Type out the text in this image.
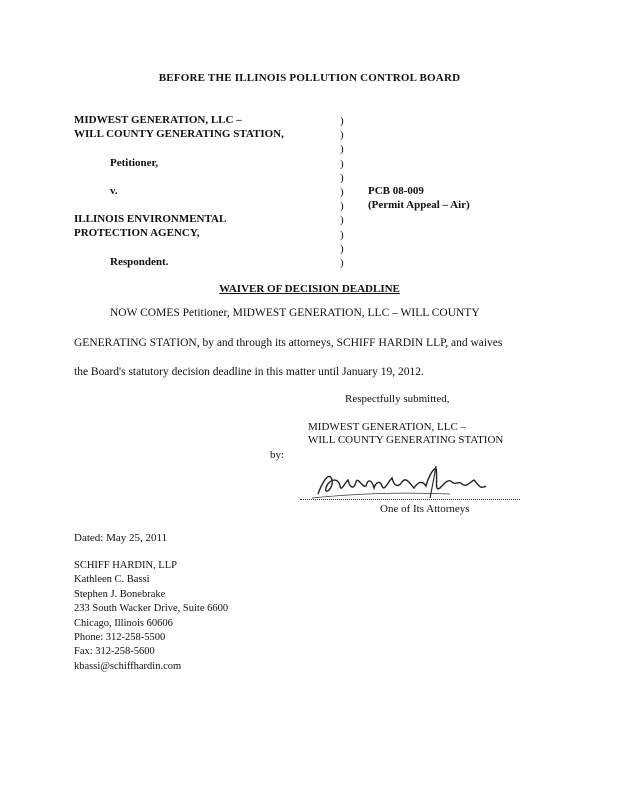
BEFORE THE ILLINOIS POLLUTION CONTROL BOARD
MIDWEST GENERATION, LLC –
WILL COUNTY GENERATING STATION,
Petitioner,
v.
ILLINOIS ENVIRONMENTAL
PROTECTION AGENCY,
Respondent.
)
)
)
)
)
)
)
)
)
)
)
PCB 08-009
(Permit Appeal – Air)
WAIVER OF DECISION DEADLINE
NOW COMES Petitioner, MIDWEST GENERATION, LLC – WILL COUNTY
GENERATING STATION, by and through its attorneys, SCHIFF HARDIN LLP, and waives
the Board's statutory decision deadline in this matter until January 19, 2012.
Respectfully submitted,
MIDWEST GENERATION, LLC –
WILL COUNTY GENERATING STATION
by:
One of Its Attorneys
Dated: May 25, 2011
SCHIFF HARDIN, LLP
Kathleen C. Bassi
Stephen J. Bonebrake
233 South Wacker Drive, Suite 6600
Chicago, Illinois 60606
Phone: 312-258-5500
Fax: 312-258-5600
kbassi@schiffhardin.com
